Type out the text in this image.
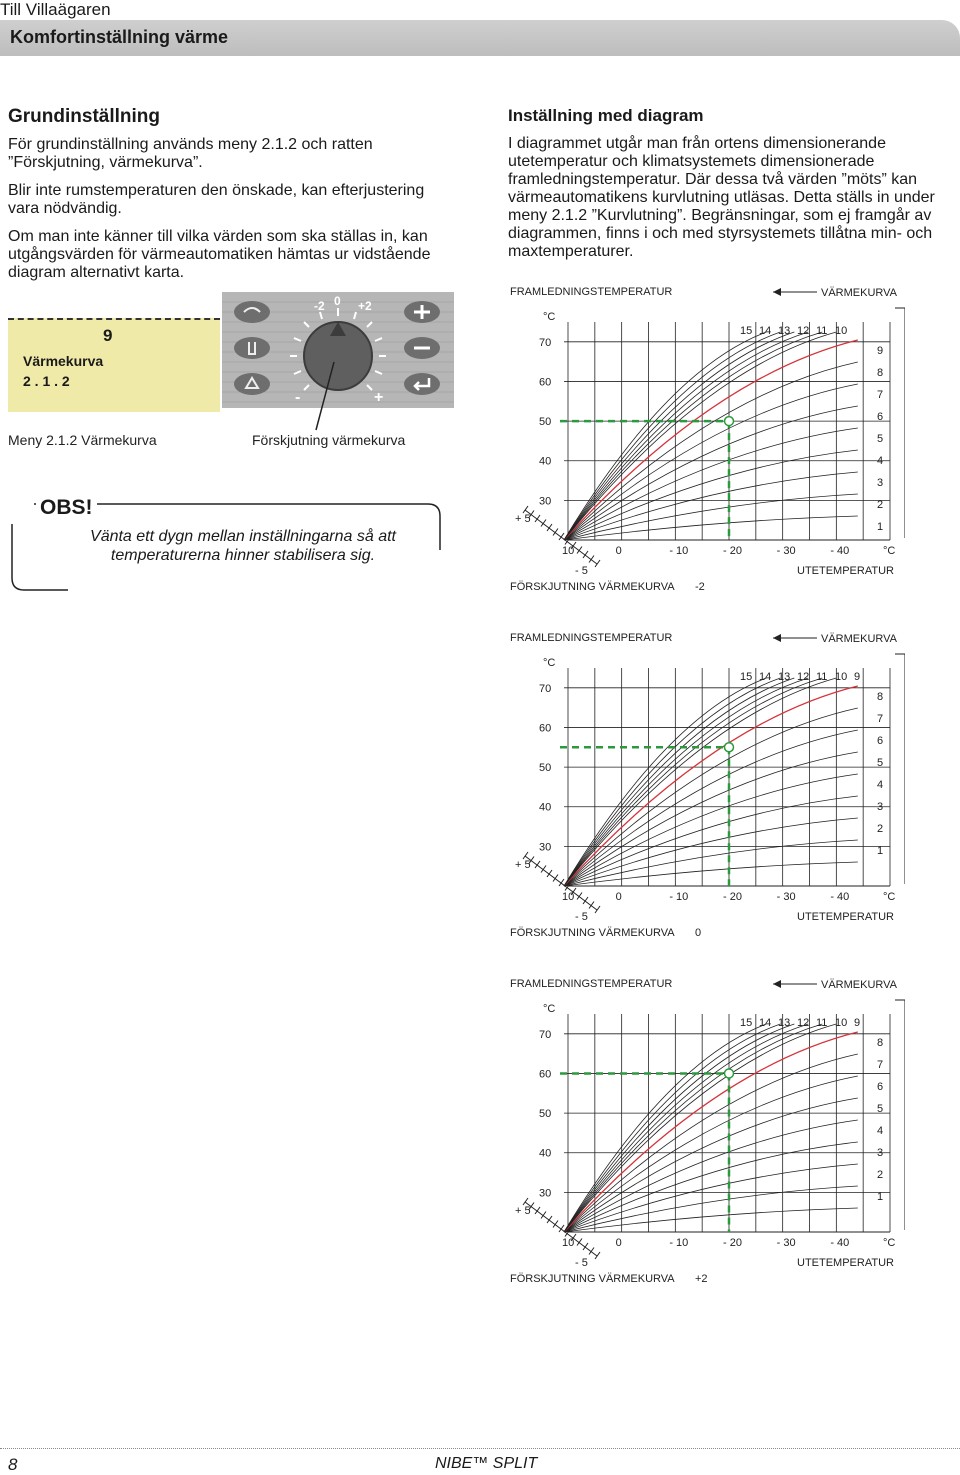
Till Villaägaren
Komfortinställning värme
Grundinställning
För grundinställning används meny 2.1.2 och ratten ”Förskjutning, värmekurva”.
Blir inte rumstemperaturen den önskade, kan efterjustering vara nödvändig.
Om man inte känner till vilka värden som ska ställas in, kan utgångsvärden för värmeautomatiken hämtas ur vidstående diagram alternativt karta.
9
Värmekurva
2 . 1 . 2
-2 0 +2
-	+
Meny 2.1.2 Värmekurva	Förskjutning värmekurva
OBS!
Vänta ett dygn mellan inställningarna så att temperaturerna hinner stabilisera sig.
Inställning med diagram
I diagrammet utgår man från ortens dimensionerande utetemperatur och klimatsystemets dimensionerade framledningstemperatur. Där dessa två värden ”möts” kan värmeautomatikens kurvlutning utläsas. Detta ställs in under meny 2.1.2 ”Kurvlutning”. Begränsningar, som ej framgår av diagrammen, finns i och med styrsystemets tillåtna min- och maxtemperaturer.
FRAMLEDNINGSTEMPERATUR	VÄRMEKURVA
°C
70
60
50
40
30
+ 5
- 5
15 14 13 12 11 10
9
8
7
6
5
4
3
2
1
10	0	- 10	- 20	- 30	- 40	°C
UTETEMPERATUR
FÖRSKJUTNING VÄRMEKURVA -2
FRAMLEDNINGSTEMPERATUR	VÄRMEKURVA
°C
70
60
50
40
30
+ 5
- 5
15 14 13 12 11 10 9
8
7
6
5
4
3
2
1
10	0	- 10	- 20	- 30	- 40	°C
UTETEMPERATUR
FÖRSKJUTNING VÄRMEKURVA 0
FRAMLEDNINGSTEMPERATUR	VÄRMEKURVA
°C
70
60
50
40
30
+ 5
- 5
15 14 13 12 11 10 9
8
7
6
5
4
3
2
1
10	0	- 10	- 20	- 30	- 40	°C
UTETEMPERATUR
FÖRSKJUTNING VÄRMEKURVA +2
8	NIBE™ SPLIT
